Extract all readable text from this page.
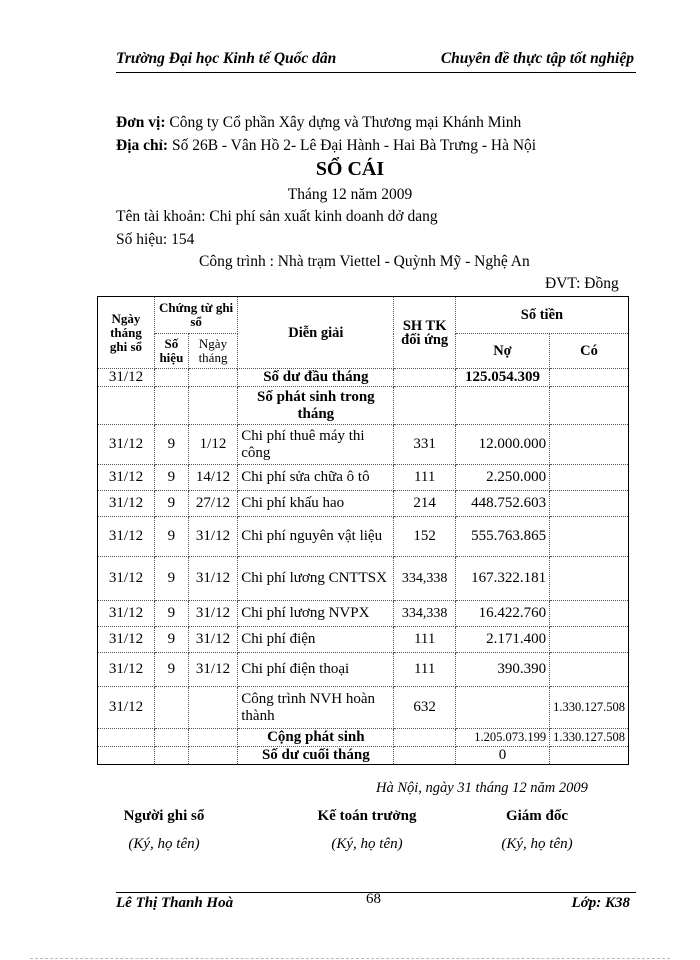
Trường Đại học Kinh tế Quốc dân	Chuyên đề thực tập tốt nghiệp
Đơn vị: Công ty Cổ phần Xây dựng và Thương mại Khánh Minh
Địa chỉ: Số 26B - Vân Hồ 2- Lê Đại Hành - Hai Bà Trưng - Hà Nội
SỔ CÁI
Tháng 12 năm 2009
Tên tài khoản: Chi phí sản xuất kinh doanh dở dang
Số hiệu: 154
Công trình : Nhà trạm Viettel - Quỳnh Mỹ - Nghệ An
ĐVT: Đồng
Ngày tháng ghi sổ	Chứng từ ghi sổ		Diễn giải	SH TK đối ứng	Số tiền	
	Số hiệu	Ngày tháng			Nợ	Có
31/12			Số dư đầu tháng		125.054.309	
			Số phát sinh trong tháng			
31/12	9	1/12	Chi phí thuê máy thi công	331	12.000.000	
31/12	9	14/12	Chi phí sửa chữa ô tô	111	2.250.000	
31/12	9	27/12	Chi phí khấu hao	214	448.752.603	
31/12	9	31/12	Chi phí nguyên vật liệu	152	555.763.865	
31/12	9	31/12	Chi phí lương CNTTSX	334,338	167.322.181	
31/12	9	31/12	Chi phí lương NVPX	334,338	16.422.760	
31/12	9	31/12	Chi phí điện	111	2.171.400	
31/12	9	31/12	Chi phí điện thoại	111	390.390	
31/12			Công trình NVH hoàn thành	632		1.330.127.508
			Cộng phát sinh		1.205.073.199	1.330.127.508
			Số dư cuối tháng		0	
Hà Nội, ngày 31 tháng 12 năm 2009
Người ghi sổ
(Ký, họ tên)
Kế toán trưởng
(Ký, họ tên)
Giám đốc
(Ký, họ tên)
Lê Thị Thanh Hoà	68	Lớp: K38
